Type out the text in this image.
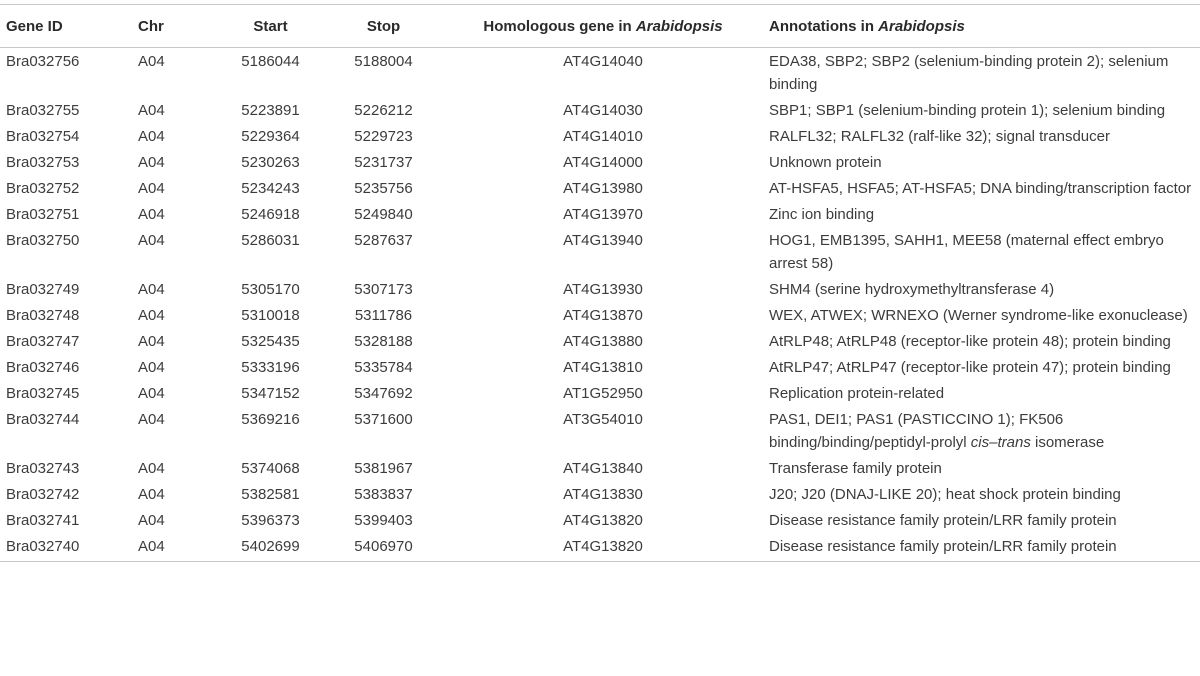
Gene ID	Chr	Start	Stop	Homologous gene in Arabidopsis	Annotations in Arabidopsis
Bra032756	A04	5186044	5188004	AT4G14040	EDA38, SBP2; SBP2 (selenium-binding protein 2); selenium binding
Bra032755	A04	5223891	5226212	AT4G14030	SBP1; SBP1 (selenium-binding protein 1); selenium binding
Bra032754	A04	5229364	5229723	AT4G14010	RALFL32; RALFL32 (ralf-like 32); signal transducer
Bra032753	A04	5230263	5231737	AT4G14000	Unknown protein
Bra032752	A04	5234243	5235756	AT4G13980	AT-HSFA5, HSFA5; AT-HSFA5; DNA binding/transcription factor
Bra032751	A04	5246918	5249840	AT4G13970	Zinc ion binding
Bra032750	A04	5286031	5287637	AT4G13940	HOG1, EMB1395, SAHH1, MEE58 (maternal effect embryo arrest 58)
Bra032749	A04	5305170	5307173	AT4G13930	SHM4 (serine hydroxymethyltransferase 4)
Bra032748	A04	5310018	5311786	AT4G13870	WEX, ATWEX; WRNEXO (Werner syndrome-like exonuclease)
Bra032747	A04	5325435	5328188	AT4G13880	AtRLP48; AtRLP48 (receptor-like protein 48); protein binding
Bra032746	A04	5333196	5335784	AT4G13810	AtRLP47; AtRLP47 (receptor-like protein 47); protein binding
Bra032745	A04	5347152	5347692	AT1G52950	Replication protein-related
Bra032744	A04	5369216	5371600	AT3G54010	PAS1, DEI1; PAS1 (PASTICCINO 1); FK506 binding/binding/peptidyl-prolyl cis–trans isomerase
Bra032743	A04	5374068	5381967	AT4G13840	Transferase family protein
Bra032742	A04	5382581	5383837	AT4G13830	J20; J20 (DNAJ-LIKE 20); heat shock protein binding
Bra032741	A04	5396373	5399403	AT4G13820	Disease resistance family protein/LRR family protein
Bra032740	A04	5402699	5406970	AT4G13820	Disease resistance family protein/LRR family protein
